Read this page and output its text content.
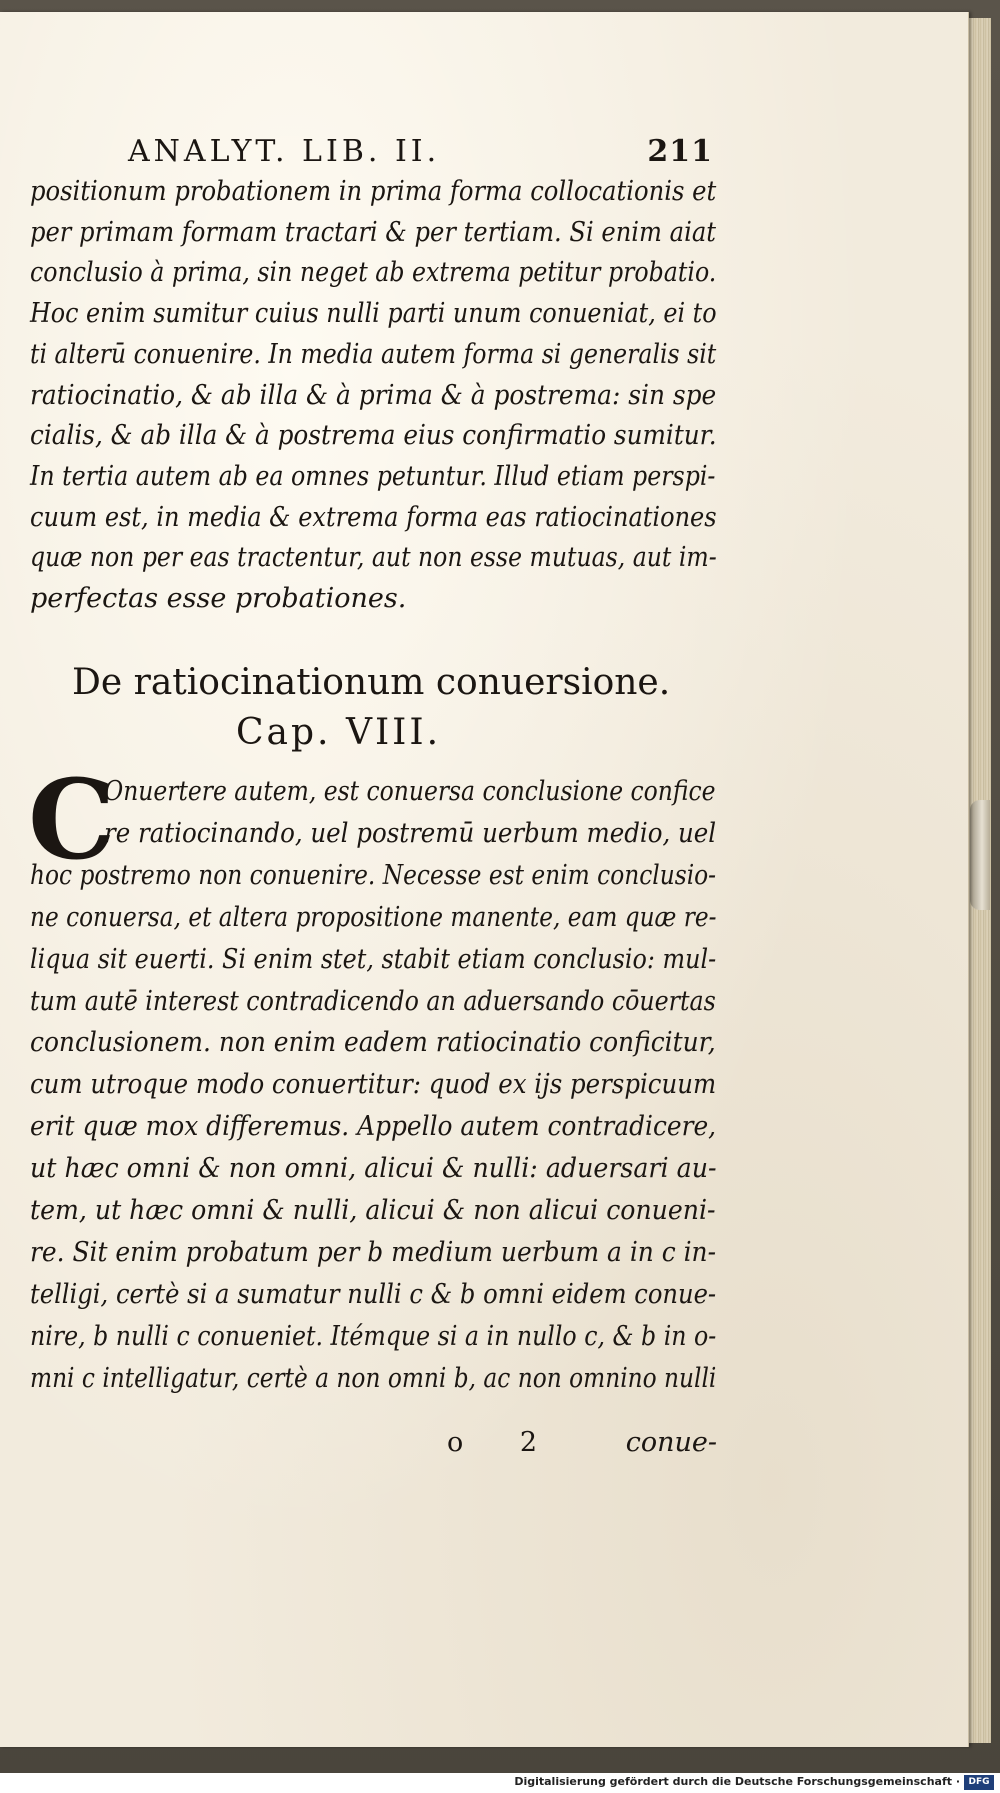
ANALYT. LIB. II.	211
positionum probationem in prima forma collocationis et
per primam formam tractari & per tertiam. Si enim aiat
conclusio à prima, sin neget ab extrema petitur probatio.
Hoc enim sumitur cuius nulli parti unum conueniat, ei to
ti alterū conuenire. In media autem forma si generalis sit
ratiocinatio, & ab illa & à prima & à postrema: sin spe
cialis, & ab illa & à postrema eius confirmatio sumitur.
In tertia autem ab ea omnes petuntur. Illud etiam perspi-
cuum est, in media & extrema forma eas ratiocinationes
quæ non per eas tractentur, aut non esse mutuas, aut im-
perfectas esse probationes.
De ratiocinationum conuersione.
Cap. VIII.
C
Onuertere autem, est conuersa conclusione confice
re ratiocinando, uel postremū uerbum medio, uel
hoc postremo non conuenire. Necesse est enim conclusio-
ne conuersa, et altera propositione manente, eam quæ re-
liqua sit euerti. Si enim stet, stabit etiam conclusio: mul-
tum autē interest contradicendo an aduersando cōuertas
conclusionem. non enim eadem ratiocinatio conficitur,
cum utroque modo conuertitur: quod ex ijs perspicuum
erit quæ mox differemus. Appello autem contradicere,
ut hæc omni & non omni, alicui & nulli: aduersari au-
tem, ut hæc omni & nulli, alicui & non alicui conueni-
re. Sit enim probatum per b medium uerbum a in c in-
telligi, certè si a sumatur nulli c & b omni eidem conue-
nire, b nulli c conueniet. Itémque si a in nullo c, & b in o-
mni c intelligatur, certè a non omni b, ac non omnino nulli
o 2 conue-
Digitalisierung gefördert durch die Deutsche Forschungsgemeinschaft · DFG
